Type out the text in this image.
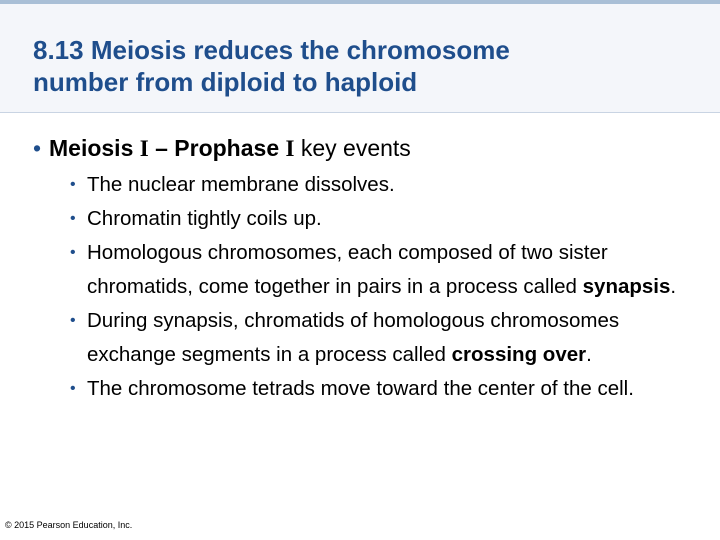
8.13 Meiosis reduces the chromosome
number from diploid to haploid
• Meiosis I – Prophase I key events
• The nuclear membrane dissolves.
• Chromatin tightly coils up.
• Homologous chromosomes, each composed of two sister chromatids, come together in pairs in a process called synapsis.
• During synapsis, chromatids of homologous chromosomes exchange segments in a process called crossing over.
• The chromosome tetrads move toward the center of the cell.
© 2015 Pearson Education, Inc.
